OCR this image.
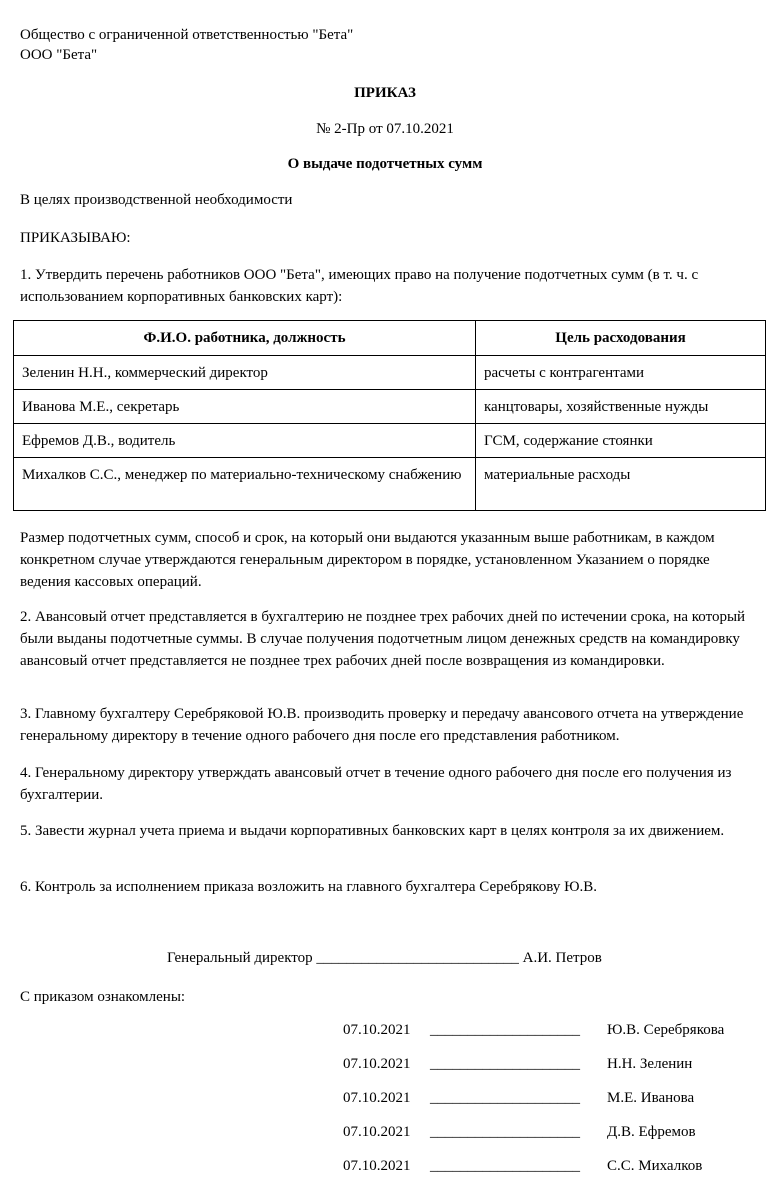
Общество с ограниченной ответственностью "Бета"
ООО "Бета"
ПРИКАЗ
№ 2-Пр от 07.10.2021
О выдаче подотчетных сумм
В целях производственной необходимости
ПРИКАЗЫВАЮ:
1. Утвердить перечень работников ООО "Бета", имеющих право на получение подотчетных сумм (в т. ч. с использованием корпоративных банковских карт):
Ф.И.О. работника, должность	Цель расходования
Зеленин Н.Н., коммерческий директор	расчеты с контрагентами
Иванова М.Е., секретарь	канцтовары, хозяйственные нужды
Ефремов Д.В., водитель	ГСМ, содержание стоянки
Михалков С.С., менеджер по материально-техническому снабжению	материальные расходы
Размер подотчетных сумм, способ и срок, на который они выдаются указанным выше работникам, в каждом конкретном случае утверждаются генеральным директором в порядке, установленном Указанием о порядке ведения кассовых операций.
2. Авансовый отчет представляется в бухгалтерию не позднее трех рабочих дней по истечении срока, на который были выданы подотчетные суммы. В случае получения подотчетным лицом денежных средств на командировку авансовый отчет представляется не позднее трех рабочих дней после возвращения из командировки.
3. Главному бухгалтеру Серебряковой Ю.В. производить проверку и передачу авансового отчета на утверждение генеральному директору в течение одного рабочего дня после его представления работником.
4. Генеральному директору утверждать авансовый отчет в течение одного рабочего дня после его получения из бухгалтерии.
5. Завести журнал учета приема и выдачи корпоративных банковских карт в целях контроля за их движением.
6. Контроль за исполнением приказа возложить на главного бухгалтера Серебрякову Ю.В.
Генеральный директор ___________________________ А.И. Петров
С приказом ознакомлены:
07.10.2021 ____________________ Ю.В. Серебрякова
07.10.2021 ____________________ Н.Н. Зеленин
07.10.2021 ____________________ М.Е. Иванова
07.10.2021 ____________________ Д.В. Ефремов
07.10.2021 ____________________ С.С. Михалков
